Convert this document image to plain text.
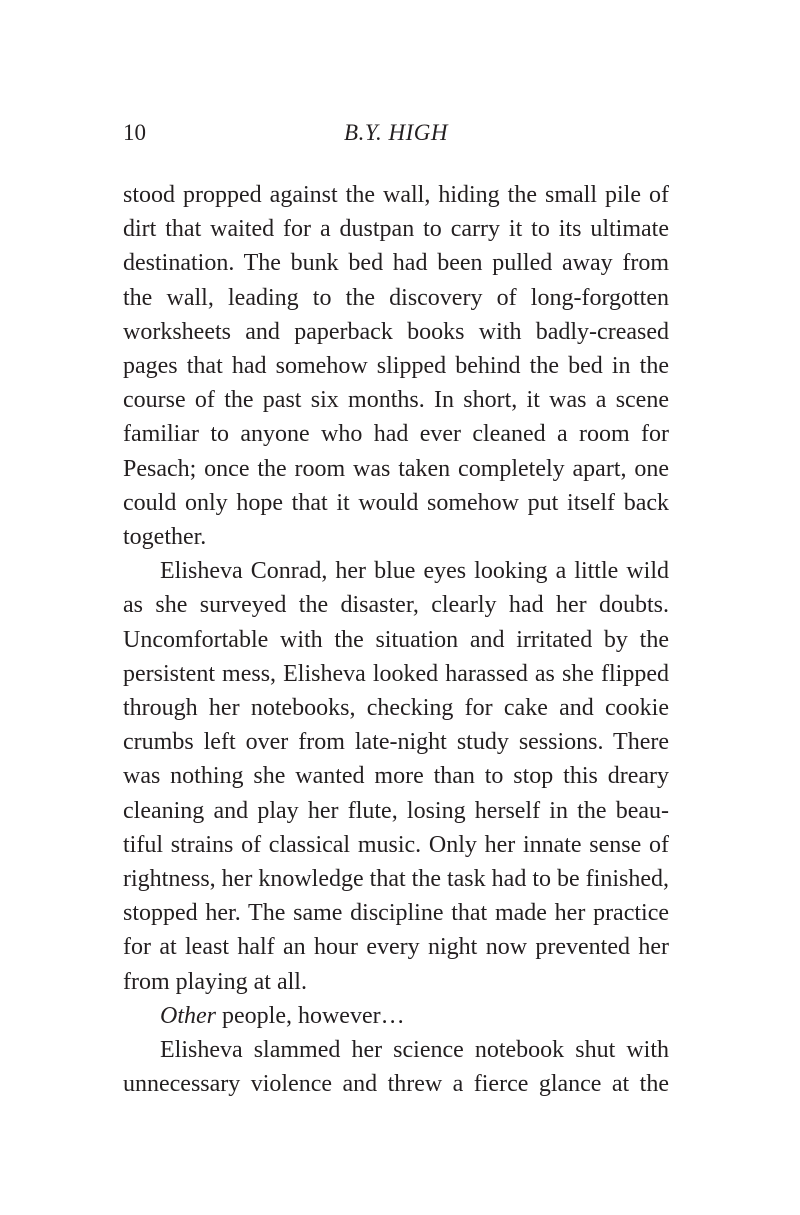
10	B.Y. HIGH

stood propped against the wall, hiding the small pile of dirt that waited for a dustpan to carry it to its ultimate destination. The bunk bed had been pulled away from the wall, leading to the discovery of long-forgotten worksheets and paperback books with badly-creased pages that had somehow slipped behind the bed in the course of the past six months. In short, it was a scene familiar to anyone who had ever cleaned a room for Pesach; once the room was taken completely apart, one could only hope that it would somehow put itself back together.

Elisheva Conrad, her blue eyes looking a little wild as she surveyed the disaster, clearly had her doubts. Uncomfortable with the situation and irritated by the persistent mess, Elisheva looked harassed as she flipped through her notebooks, checking for cake and cookie crumbs left over from late-night study sessions. There was nothing she wanted more than to stop this dreary cleaning and play her flute, losing herself in the beautiful strains of classical music. Only her innate sense of rightness, her knowledge that the task had to be finished, stopped her. The same discipline that made her practice for at least half an hour every night now prevented her from playing at all.

Other people, however…

Elisheva slammed her science notebook shut with unnecessary violence and threw a fierce glance at the
